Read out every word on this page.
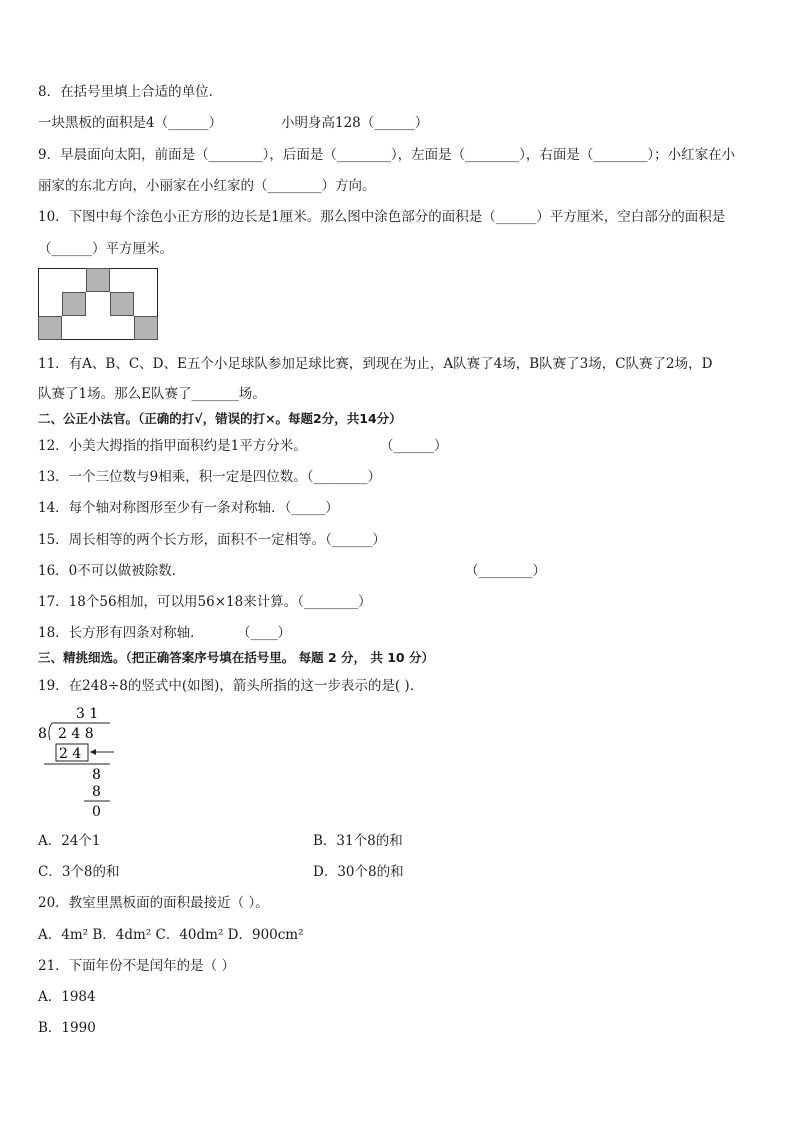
8．在括号里填上合适的单位．
一块黑板的面积是4（______）	小明身高128（______）
9．早晨面向太阳，前面是（________），后面是（________），左面是（________），右面是（________）；小红家在小
丽家的东北方向，小丽家在小红家的（________）方向。
10．下图中每个涂色小正方形的边长是1厘米。那么图中涂色部分的面积是（______）平方厘米，空白部分的面积是
（______）平方厘米。
11．有A、B、C、D、E五个小足球队参加足球比赛，到现在为止，A队赛了4场，B队赛了3场，C队赛了2场，D
队赛了1场。那么E队赛了_______场。
二、公正小法官。（正确的打√，错误的打×。每题2分，共14分）
12．小美大拇指的指甲面积约是1平方分米。	（______）
13．一个三位数与9相乘，积一定是四位数。（________）
14．每个轴对称图形至少有一条对称轴．（_____）
15．周长相等的两个长方形，面积不一定相等。（______）
16．0不可以做被除数．	（________）
17．18个56相加，可以用56×18来计算。（________）
18．长方形有四条对称轴． （____）
三、精挑细选。（把正确答案序号填在括号里。 每题 2 分， 共 10 分）
19．在248÷8的竖式中(如图)，箭头所指的这一步表示的是( )．
3 1
8 2 4 8
2 4
8
8
0
A．24个1	B．31个8的和
C．3个8的和	D．30个8的和
20．教室里黑板面的面积最接近（ ）。
A．4m² B．4dm² C．40dm² D．900cm²
21．下面年份不是闰年的是（ ）
A．1984
B．1990
